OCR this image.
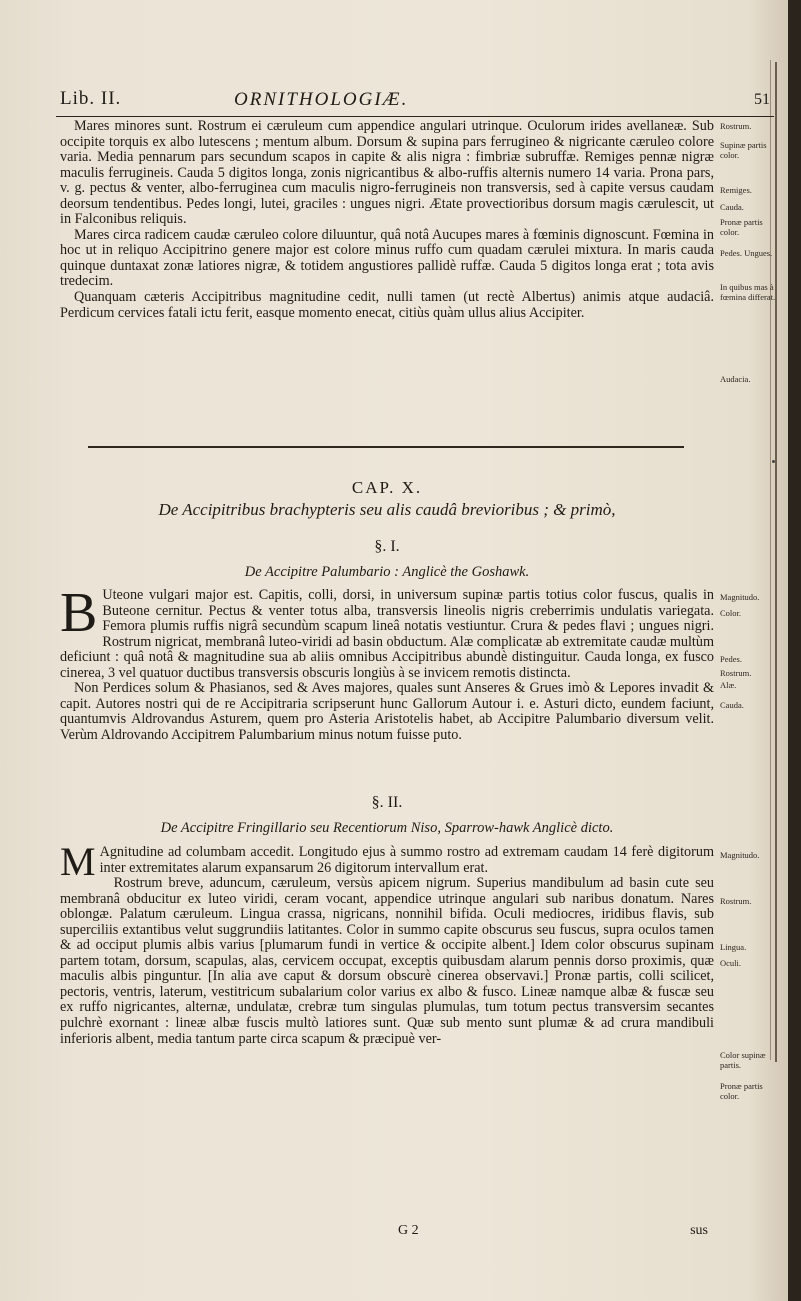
Lib. II.	ORNITHOLOGIÆ.	51

Mares minores sunt. Rostrum ei cæruleum cum appendice angulari utrinque. Oculorum irides avellaneæ. Sub occipite torquis ex albo lutescens ; mentum album. Dorsum & supina pars ferrugineo & nigricante cæruleo colore varia. Media pennarum pars secundum scapos in capite & alis nigra : fimbriæ subruffæ. Remiges pennæ nigræ maculis ferrugineis. Cauda 5 digitos longa, zonis nigricantibus & albo-ruffis alternis numero 14 varia. Prona pars, v. g. pectus & venter, albo-ferruginea cum maculis nigro-ferrugineis non transversis, sed à capite versus caudam deorsum tendentibus. Pedes longi, lutei, graciles : ungues nigri. Ætate provectioribus dorsum magis cærulescit, ut in Falconibus reliquis.

Mares circa radicem caudæ cæruleo colore diluuntur, quâ notâ Aucupes mares à fœminis dignoscunt. Fœmina in hoc ut in reliquo Accipitrino genere major est colore minus ruffo cum quadam cærulei mixtura. In maris cauda quinque duntaxat zonæ latiores nigræ, & totidem angustiores pallidè ruffæ. Cauda 5 digitos longa erat ; tota avis tredecim.

Quanquam cæteris Accipitribus magnitudine cedit, nulli tamen (ut rectè Albertus) animis atque audaciâ. Perdicum cervices fatali ictu ferit, easque momento enecat, citiùs quàm ullus alius Accipiter.

Rostrum.
Supinæ partis color.
Remiges.
Cauda.
Pronæ partis color.
Pedes. Ungues.
In quibus mas à fœmina differat.
Audacia.
CAP. X.
De Accipitribus brachypteris seu alis caudâ brevioribus ; & primò,
§. I.
De Accipitre Palumbario : Anglicè the Goshawk.

B Uteone vulgari major est. Capitis, colli, dorsi, in universum supinæ partis totius color fuscus, qualis in Buteone cernitur. Pectus & venter totus alba, transversis lineolis nigris creberrimis undulatis variegata. Femora plumis ruffis nigrâ secundùm scapum lineâ notatis vestiuntur. Crura & pedes flavi ; ungues nigri. Rostrum nigricat, membranâ luteo-viridi ad basin obductum. Alæ complicatæ ab extremitate caudæ multùm deficiunt : quâ notâ & magnitudine sua ab aliis omnibus Accipitribus abundè distinguitur. Cauda longa, ex fusco cinerea, 3 vel quatuor ductibus transversis obscuris longiùs à se invicem remotis distincta.

Non Perdices solum & Phasianos, sed & Aves majores, quales sunt Anseres & Grues imò & Lepores invadit & capit. Autores nostri qui de re Accipitraria scripserunt hunc Gallorum Autour i. e. Asturi dicto, eundem faciunt, quantumvis Aldrovandus Asturem, quem pro Asteria Aristotelis habet, ab Accipitre Palumbario diversum velit. Verùm Aldrovando Accipitrem Palumbarium minus notum fuisse puto.

Magnitudo.
Color.
Pedes.
Rostrum.
Alæ.
Cauda.
§. II.
De Accipitre Fringillario seu Recentiorum Niso, Sparrow-hawk Anglicè dicto.

M Agnitudine ad columbam accedit. Longitudo ejus à summo rostro ad extremam caudam 14 ferè digitorum inter extremitates alarum expansarum 26 digitorum intervallum erat.

Rostrum breve, aduncum, cæruleum, versùs apicem nigrum. Superius mandibulum ad basin cute seu membranâ obducitur ex luteo viridi, ceram vocant, appendice utrinque angulari sub naribus donatum. Nares oblongæ. Palatum cæruleum. Lingua crassa, nigricans, nonnihil bifida. Oculi mediocres, iridibus flavis, sub superciliis extantibus velut suggrundiis latitantes. Color in summo capite obscurus seu fuscus, supra oculos tamen & ad occiput plumis albis varius [plumarum fundi in vertice & occipite albent.] Idem color obscurus supinam partem totam, dorsum, scapulas, alas, cervicem occupat, exceptis quibusdam alarum pennis dorso proximis, quæ maculis albis pinguntur. [In alia ave caput & dorsum obscurè cinerea observavi.] Pronæ partis, colli scilicet, pectoris, ventris, laterum, vestitricum subalarium color varius ex albo & fusco. Lineæ namque albæ & fuscæ seu ex ruffo nigricantes, alternæ, undulatæ, crebræ tum singulas plumulas, tum totum pectus transversim secantes pulchrè exornant : lineæ albæ fuscis multò latiores sunt. Quæ sub mento sunt plumæ & ad crura mandibuli inferioris albent, media tantum parte circa scapum & præcipuè ver-

Magnitudo.
Rostrum.
Lingua.
Oculi.
Color supinæ partis.
Pronæ partis color.
G 2	sus
